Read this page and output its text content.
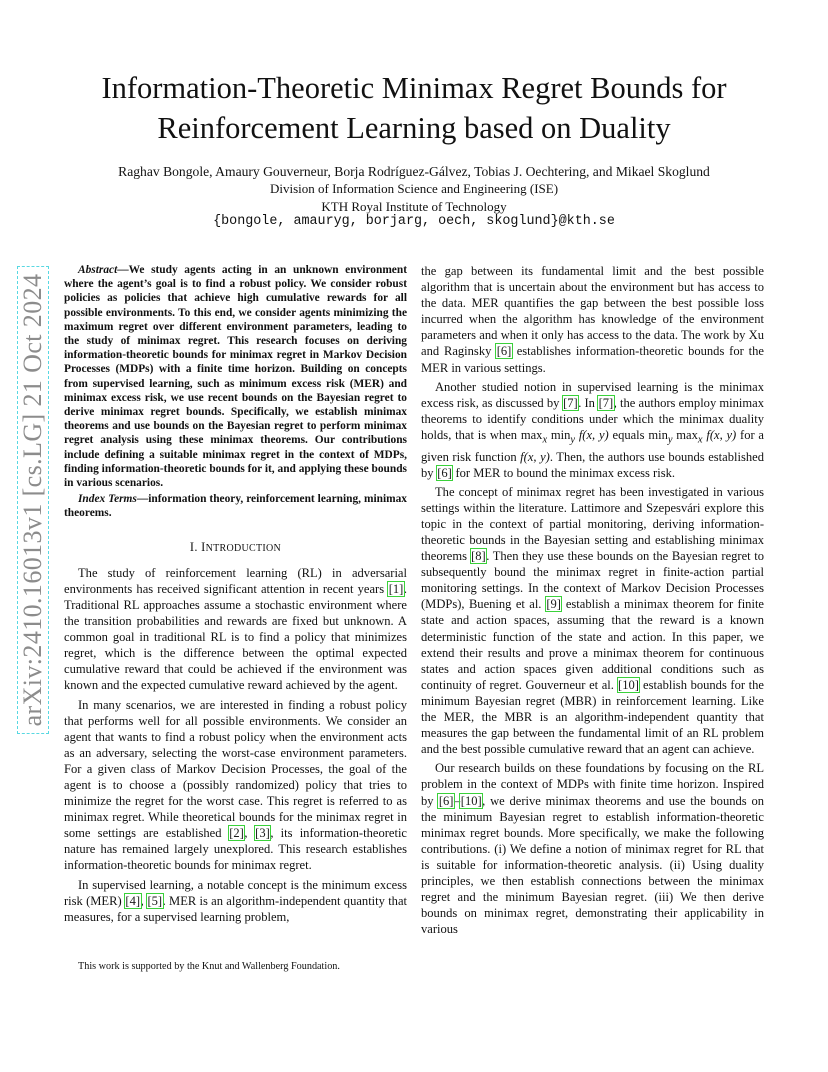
Information-Theoretic Minimax Regret Bounds for
Reinforcement Learning based on Duality
Raghav Bongole, Amaury Gouverneur, Borja Rodríguez-Gálvez, Tobias J. Oechtering, and Mikael Skoglund
Division of Information Science and Engineering (ISE)
KTH Royal Institute of Technology
{bongole, amauryg, borjarg, oech, skoglund}@kth.se
arXiv:2410.16013v1 [cs.LG] 21 Oct 2024

Abstract—We study agents acting in an unknown environment where the agent’s goal is to find a robust policy. We consider robust policies as policies that achieve high cumulative rewards for all possible environments. To this end, we consider agents minimizing the maximum regret over different environment parameters, leading to the study of minimax regret. This research focuses on deriving information-theoretic bounds for minimax regret in Markov Decision Processes (MDPs) with a finite time horizon. Building on concepts from supervised learning, such as minimum excess risk (MER) and minimax excess risk, we use recent bounds on the Bayesian regret to derive minimax regret bounds. Specifically, we establish minimax theorems and use bounds on the Bayesian regret to perform minimax regret analysis using these minimax theorems. Our contributions include defining a suitable minimax regret in the context of MDPs, finding information-theoretic bounds for it, and applying these bounds in various scenarios.

Index Terms—information theory, reinforcement learning, minimax theorems.

I. INTRODUCTION

The study of reinforcement learning (RL) in adversarial environments has received significant attention in recent years [1]. Traditional RL approaches assume a stochastic environment where the transition probabilities and rewards are fixed but unknown. A common goal in traditional RL is to find a policy that minimizes regret, which is the difference between the optimal expected cumulative reward that could be achieved if the environment was known and the expected cumulative reward achieved by the agent.

In many scenarios, we are interested in finding a robust policy that performs well for all possible environments. We consider an agent that wants to find a robust policy when the environment acts as an adversary, selecting the worst-case environment parameters. For a given class of Markov Decision Processes, the goal of the agent is to choose a (possibly randomized) policy that tries to minimize the regret for the worst case. This regret is referred to as minimax regret. While theoretical bounds for the minimax regret in some settings are established [2], [3], its information-theoretic nature has remained largely unexplored. This research establishes information-theoretic bounds for minimax regret.

In supervised learning, a notable concept is the minimum excess risk (MER) [4], [5]. MER is an algorithm-independent quantity that measures, for a supervised learning problem,

This work is supported by the Knut and Wallenberg Foundation.

the gap between its fundamental limit and the best possible algorithm that is uncertain about the environment but has access to the data. MER quantifies the gap between the best possible loss incurred when the algorithm has knowledge of the environment parameters and when it only has access to the data. The work by Xu and Raginsky [6] establishes information-theoretic bounds for the MER in various settings.

Another studied notion in supervised learning is the minimax excess risk, as discussed by [7]. In [7], the authors employ minimax theorems to identify conditions under which the minimax duality holds, that is when $\max_x \min_y f(x$, y) equals $\min_y \max_x f(x$, y) for a given risk function f(x, y). Then, the authors use bounds established by [6] for MER to bound the minimax excess risk.

The concept of minimax regret has been investigated in various settings within the literature. Lattimore and Szepesvári explore this topic in the context of partial monitoring, deriving information-theoretic bounds in the Bayesian setting and establishing minimax theorems [8]. Then they use these bounds on the Bayesian regret to subsequently bound the minimax regret in finite-action partial monitoring settings. In the context of Markov Decision Processes (MDPs), Buening et al. [9] establish a minimax theorem for finite state and action spaces, assuming that the reward is a known deterministic function of the state and action. In this paper, we extend their results and prove a minimax theorem for continuous states and action spaces given additional conditions such as continuity of regret. Gouverneur et al. [10] establish bounds for the minimum Bayesian regret (MBR) in reinforcement learning. Like the MER, the MBR is an algorithm-independent quantity that measures the gap between the fundamental limit of an RL problem and the best possible cumulative reward that an agent can achieve.

Our research builds on these foundations by focusing on the RL problem in the context of MDPs with finite time horizon. Inspired by [6]–[10], we derive minimax theorems and use the bounds on the minimum Bayesian regret to establish information-theoretic minimax regret bounds. More specifically, we make the following contributions. (i) We define a notion of minimax regret for RL that is suitable for information-theoretic analysis. (ii) Using duality principles, we then establish connections between the minimax regret and the minimum Bayesian regret. (iii) We then derive bounds on minimax regret, demonstrating their applicability in various
